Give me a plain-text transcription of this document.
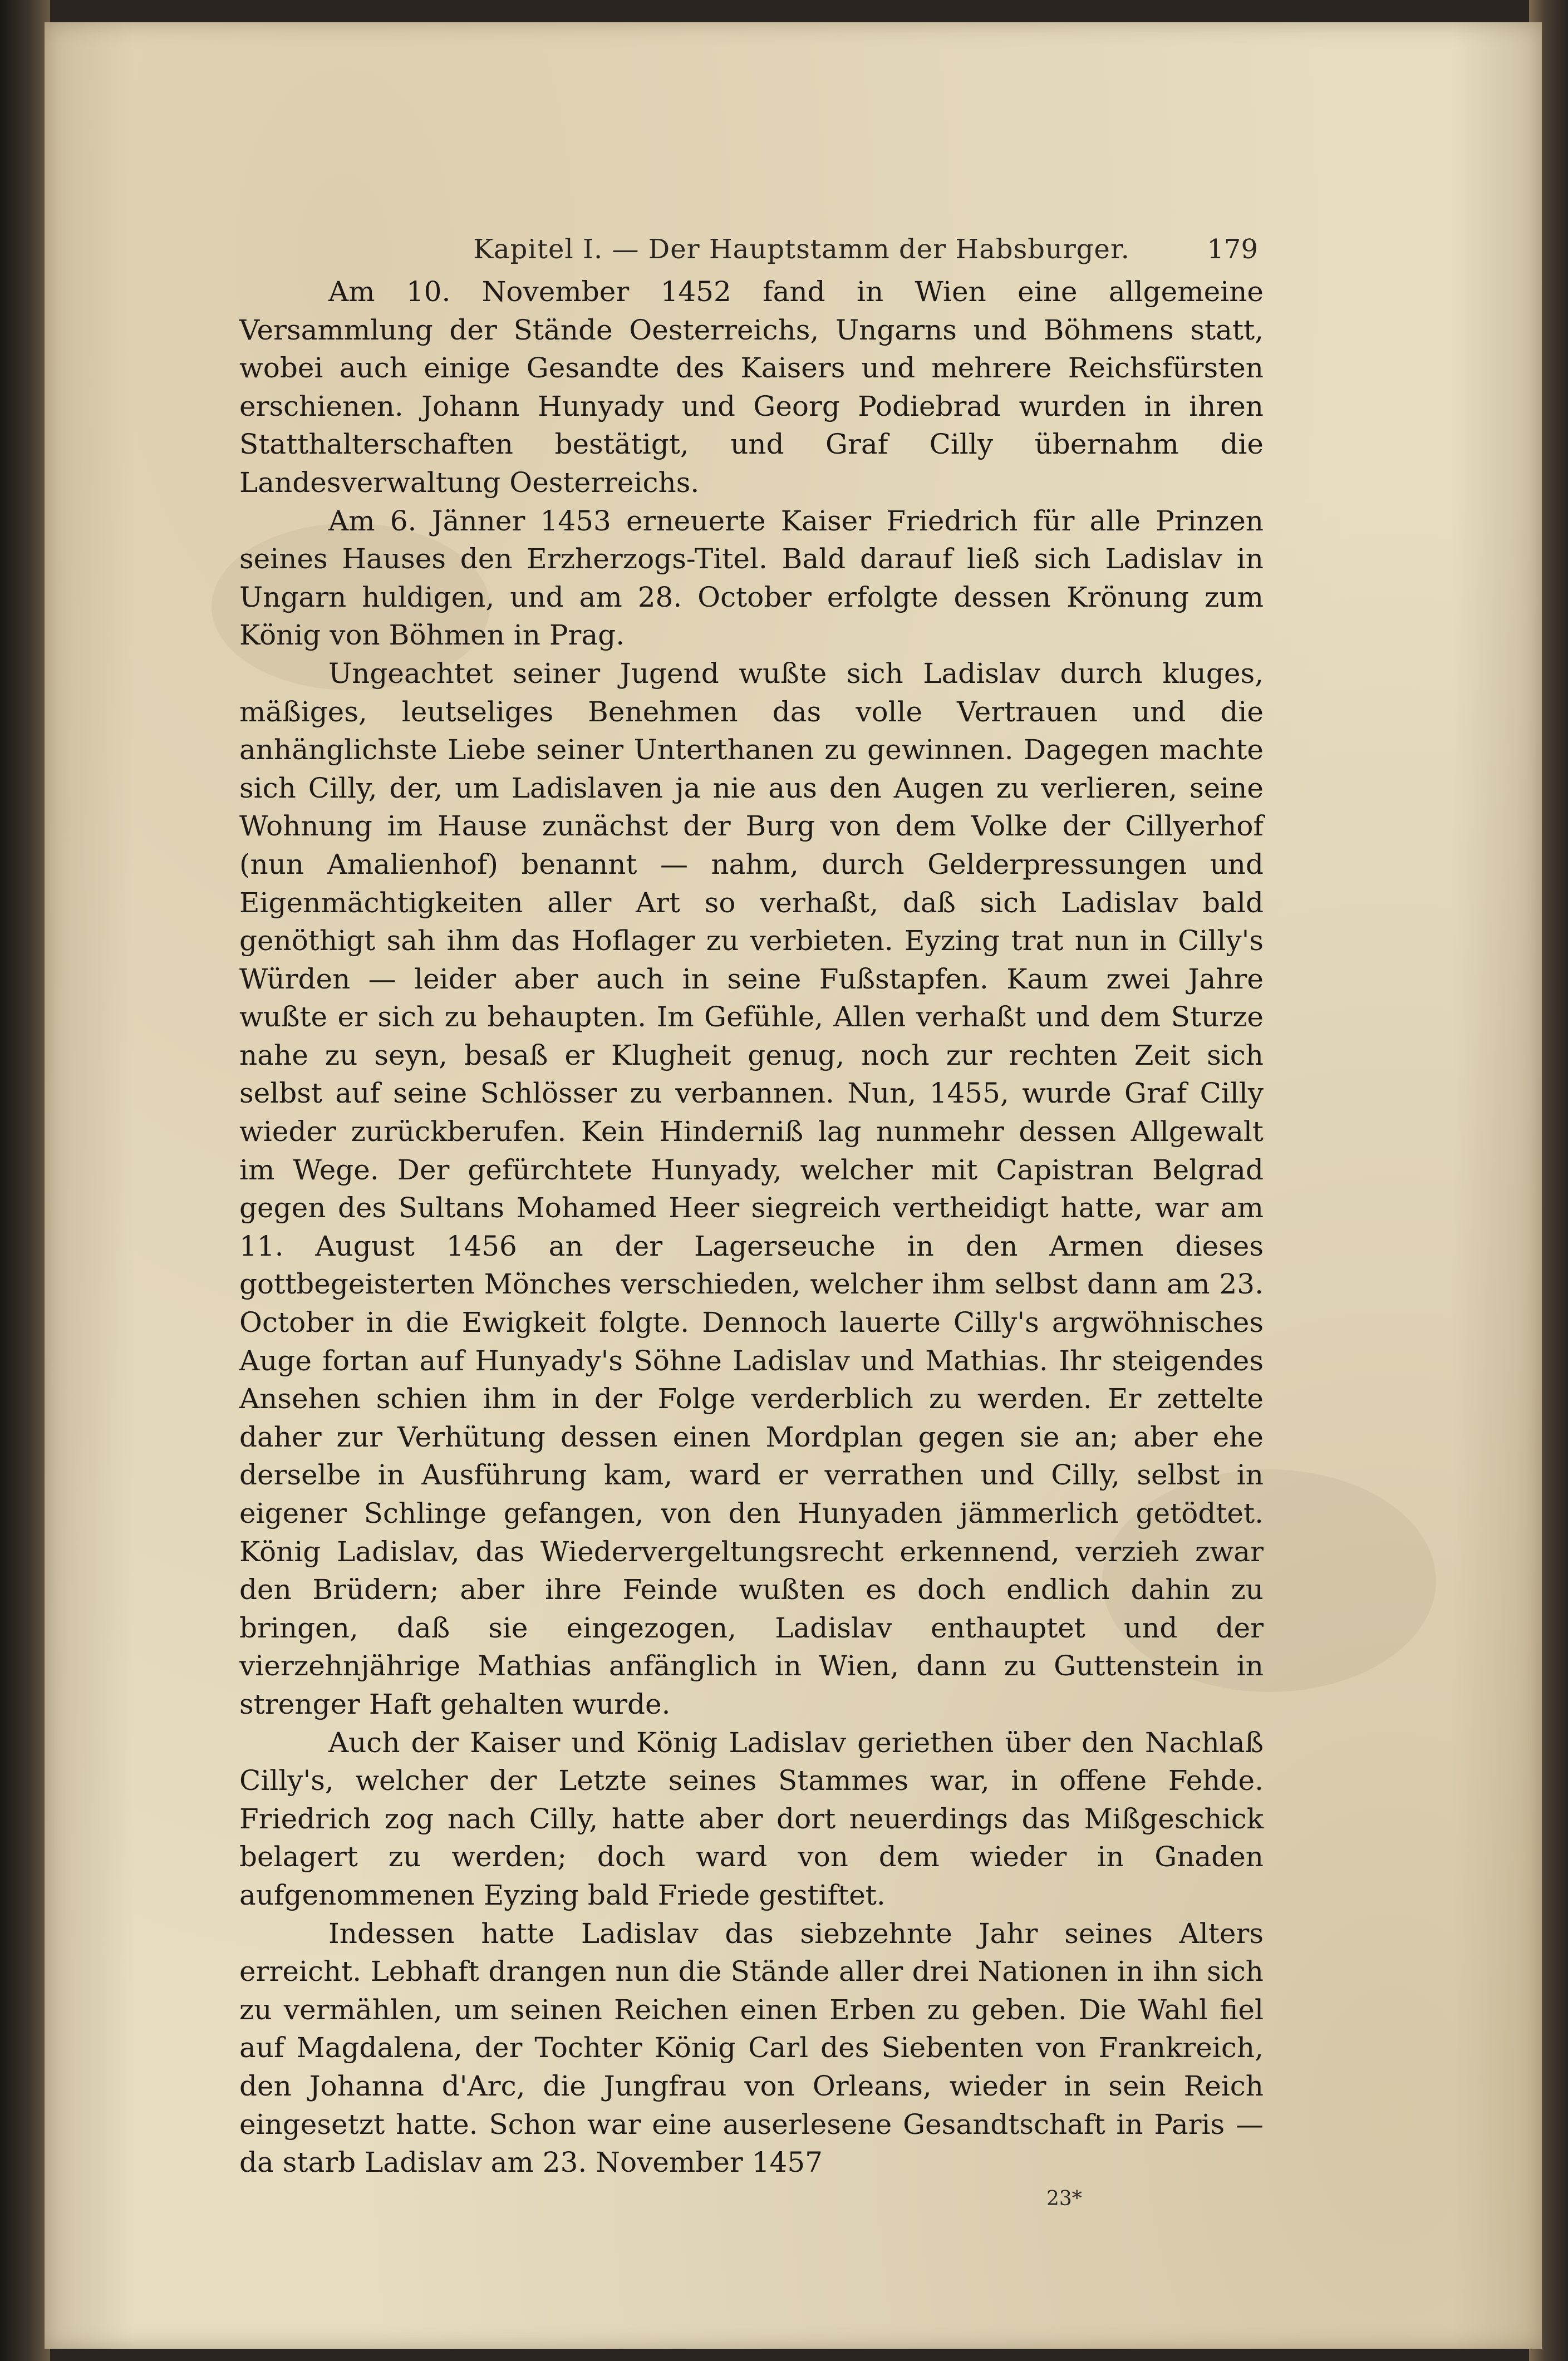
Kapitel I. — Der Hauptstamm der Habsburger.	179

Am 10. November 1452 fand in Wien eine allgemeine Versammlung der Stände Oesterreichs, Ungarns und Böhmens statt, wobei auch einige Gesandte des Kaisers und mehrere Reichsfürsten erschienen. Johann Hunyady und Georg Podiebrad wurden in ihren Statthalterschaften bestätigt, und Graf Cilly übernahm die Landesverwaltung Oesterreichs.

Am 6. Jänner 1453 erneuerte Kaiser Friedrich für alle Prinzen seines Hauses den Erzherzogs-Titel. Bald darauf ließ sich Ladislav in Ungarn huldigen, und am 28. October erfolgte dessen Krönung zum König von Böhmen in Prag.

Ungeachtet seiner Jugend wußte sich Ladislav durch kluges, mäßiges, leutseliges Benehmen das volle Vertrauen und die anhänglichste Liebe seiner Unterthanen zu gewinnen. Dagegen machte sich Cilly, der, um Ladislaven ja nie aus den Augen zu verlieren, seine Wohnung im Hause zunächst der Burg von dem Volke der Cillyerhof (nun Amalienhof) benannt — nahm, durch Gelderpressungen und Eigenmächtigkeiten aller Art so verhaßt, daß sich Ladislav bald genöthigt sah ihm das Hoflager zu verbieten. Eyzing trat nun in Cilly's Würden — leider aber auch in seine Fußstapfen. Kaum zwei Jahre wußte er sich zu behaupten. Im Gefühle, Allen verhaßt und dem Sturze nahe zu seyn, besaß er Klugheit genug, noch zur rechten Zeit sich selbst auf seine Schlösser zu verbannen. Nun, 1455, wurde Graf Cilly wieder zurückberufen. Kein Hinderniß lag nunmehr dessen Allgewalt im Wege. Der gefürchtete Hunyady, welcher mit Capistran Belgrad gegen des Sultans Mohamed Heer siegreich vertheidigt hatte, war am 11. August 1456 an der Lagerseuche in den Armen dieses gottbegeisterten Mönches verschieden, welcher ihm selbst dann am 23. October in die Ewigkeit folgte. Dennoch lauerte Cilly's argwöhnisches Auge fortan auf Hunyady's Söhne Ladislav und Mathias. Ihr steigendes Ansehen schien ihm in der Folge verderblich zu werden. Er zettelte daher zur Verhütung dessen einen Mordplan gegen sie an; aber ehe derselbe in Ausführung kam, ward er verrathen und Cilly, selbst in eigener Schlinge gefangen, von den Hunyaden jämmerlich getödtet. König Ladislav, das Wiedervergeltungsrecht erkennend, verzieh zwar den Brüdern; aber ihre Feinde wußten es doch endlich dahin zu bringen, daß sie eingezogen, Ladislav enthauptet und der vierzehnjährige Mathias anfänglich in Wien, dann zu Guttenstein in strenger Haft gehalten wurde.

Auch der Kaiser und König Ladislav geriethen über den Nachlaß Cilly's, welcher der Letzte seines Stammes war, in offene Fehde. Friedrich zog nach Cilly, hatte aber dort neuerdings das Mißgeschick belagert zu werden; doch ward von dem wieder in Gnaden aufgenommenen Eyzing bald Friede gestiftet.

Indessen hatte Ladislav das siebzehnte Jahr seines Alters erreicht. Lebhaft drangen nun die Stände aller drei Nationen in ihn sich zu vermählen, um seinen Reichen einen Erben zu geben. Die Wahl fiel auf Magdalena, der Tochter König Carl des Siebenten von Frankreich, den Johanna d'Arc, die Jungfrau von Orleans, wieder in sein Reich eingesetzt hatte. Schon war eine auserlesene Gesandtschaft in Paris — da starb Ladislav am 23. November 1457

23*
